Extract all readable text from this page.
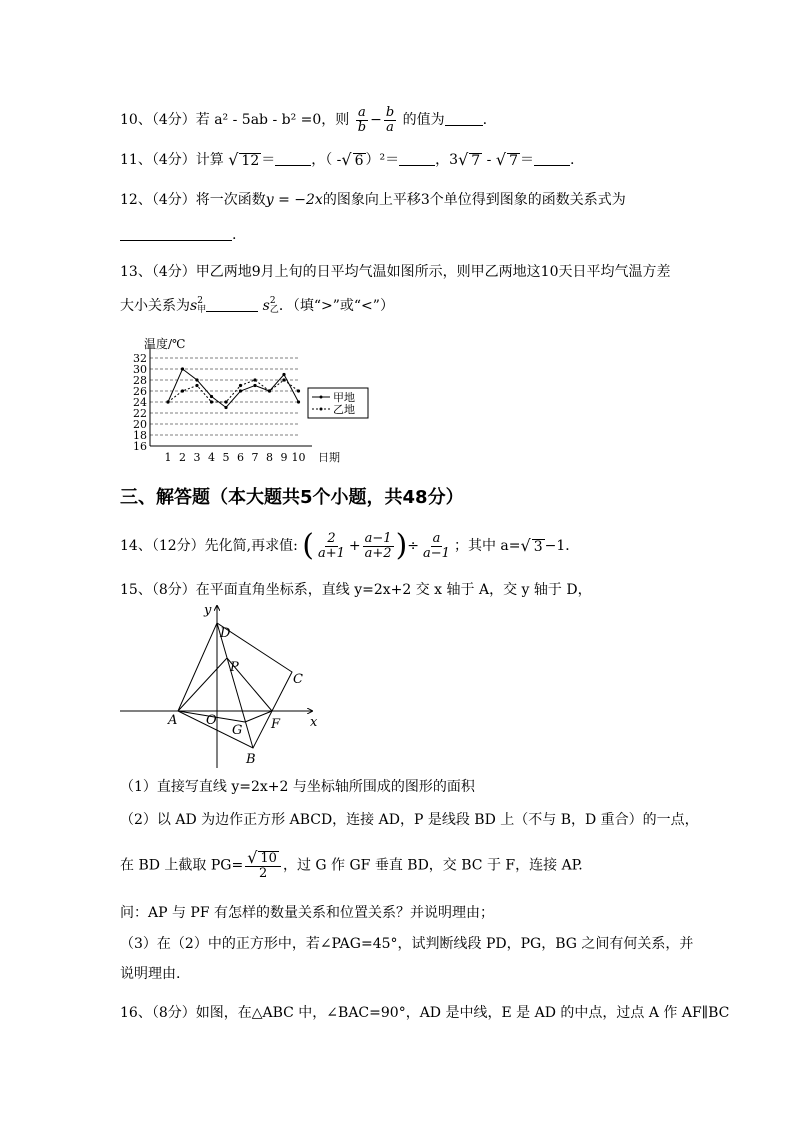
10、（4分）若 a² - 5ab - b² =0，则 $\frac{a}{b} - \frac{b}{a}$ 的值为	.
11、（4分）计算 √ 12 ＝	，（ -√ 6 ）²＝	，3√ 7 - √ 7 ＝	.
12、（4分）将一次函数y = −2x的图象向上平移3个单位得到图象的函数关系式为
.
13、（4分）甲乙两地9月上旬的日平均气温如图所示，则甲乙两地这10天日平均气温方差
大小关系为s 2
甲	s 2
乙 ．（填“>”或“<”）
16
18
20
22
24
26
28
30
32
温度/℃
1 2 3 4 5 6 7 8 9 10 日期
甲地
乙地
三、解答题（本大题共5个小题，共48分）
14、（12分）先化简,再求值: ( $\frac{2}{a+1} + \frac{a-1}{a+2}$ )÷ $\frac{a}{a-1}$ ；其中 a=√ 3 −1．
15、（8分）在平面直角坐标系，直线 y=2x+2 交 x 轴于 A，交 y 轴于 D，
y
x
D
P
C
A O
G F
B
（1）直接写直线 y=2x+2 与坐标轴所围成的图形的面积
（2）以 AD 为边作正方形 ABCD，连接 AD，P 是线段 BD 上（不与 B，D 重合）的一点，
在 BD 上截取 $PG= \frac{√ 10}{2}$ ，过 G 作 GF 垂直 BD，交 BC 于 F，连接 AP.
问：AP 与 PF 有怎样的数量关系和位置关系？并说明理由；
（3）在（2）中的正方形中，若∠PAG=45°，试判断线段 PD，PG，BG 之间有何关系，并
说明理由.
16、（8分）如图，在△ABC 中，∠BAC=90°，AD 是中线，E 是 AD 的中点，过点 A 作 AF∥BC
